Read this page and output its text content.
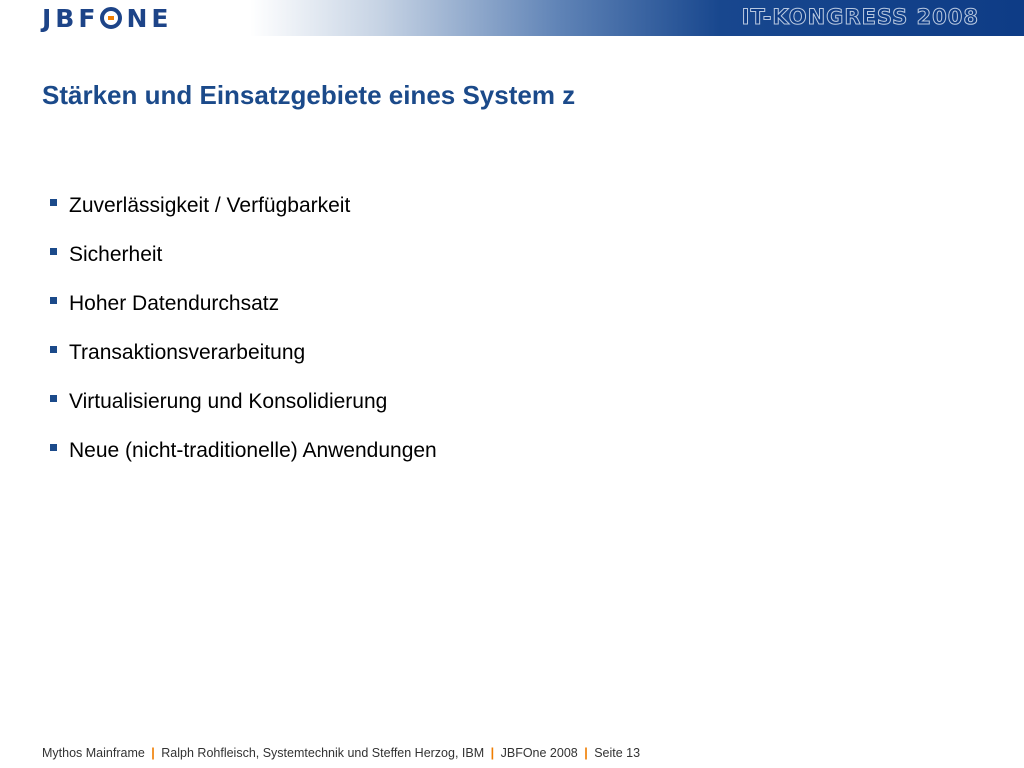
JBF NE	IT-KONGRESS 2008
Stärken und Einsatzgebiete eines System z
Zuverlässigkeit / Verfügbarkeit
Sicherheit
Hoher Datendurchsatz
Transaktionsverarbeitung
Virtualisierung und Konsolidierung
Neue (nicht-traditionelle) Anwendungen
Mythos Mainframe | Ralph Rohfleisch, Systemtechnik und Steffen Herzog, IBM | JBFOne 2008 | Seite 13
